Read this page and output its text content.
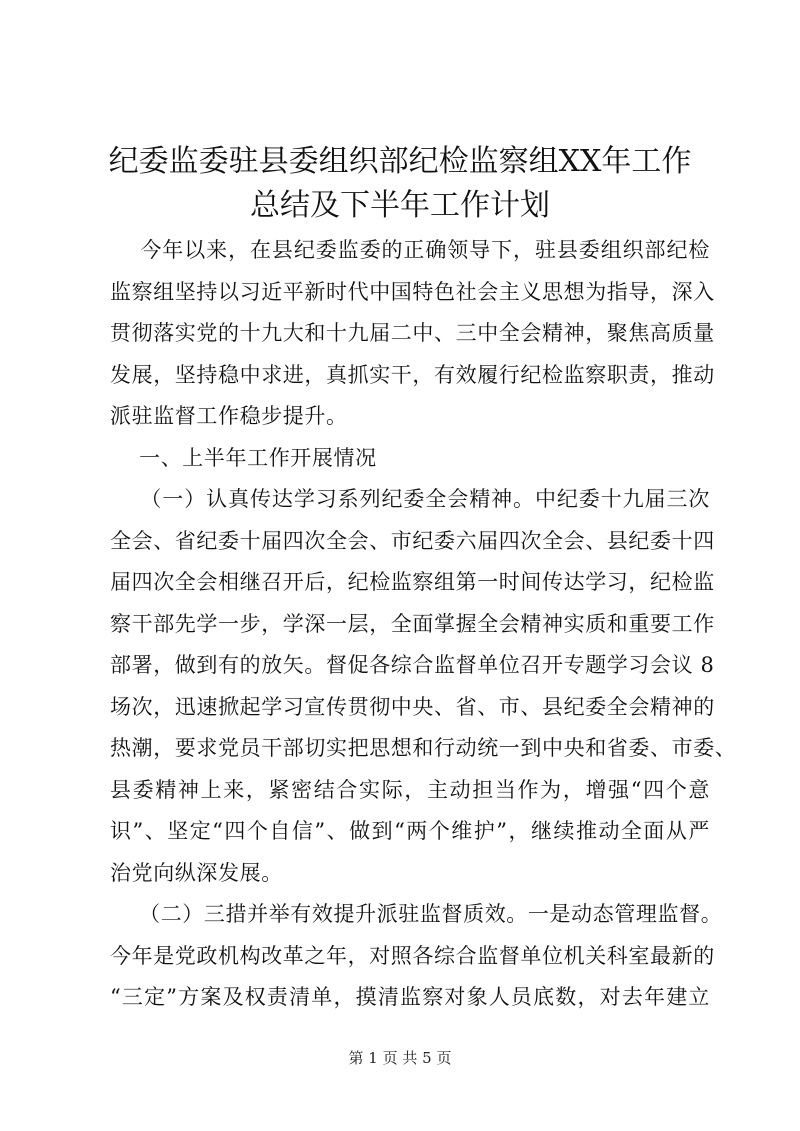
纪委监委驻县委组织部纪检监察组XX年工作
总结及下半年工作计划
今年以来，在县纪委监委的正确领导下，驻县委组织部纪检
监察组坚持以习近平新时代中国特色社会主义思想为指导，深入
贯彻落实党的十九大和十九届二中、三中全会精神，聚焦高质量
发展，坚持稳中求进，真抓实干，有效履行纪检监察职责，推动
派驻监督工作稳步提升。
一、上半年工作开展情况
（一）认真传达学习系列纪委全会精神。中纪委十九届三次
全会、省纪委十届四次全会、市纪委六届四次全会、县纪委十四
届四次全会相继召开后，纪检监察组第一时间传达学习，纪检监
察干部先学一步，学深一层，全面掌握全会精神实质和重要工作
部署，做到有的放矢。督促各综合监督单位召开专题学习会议 8
场次，迅速掀起学习宣传贯彻中央、省、市、县纪委全会精神的
热潮，要求党员干部切实把思想和行动统一到中央和省委、市委、
县委精神上来，紧密结合实际，主动担当作为，增强“四个意
识”、坚定“四个自信”、做到“两个维护”，继续推动全面从严
治党向纵深发展。
（二）三措并举有效提升派驻监督质效。一是动态管理监督。
今年是党政机构改革之年，对照各综合监督单位机关科室最新的
“三定”方案及权责清单，摸清监察对象人员底数，对去年建立
第 1 页 共 5 页
